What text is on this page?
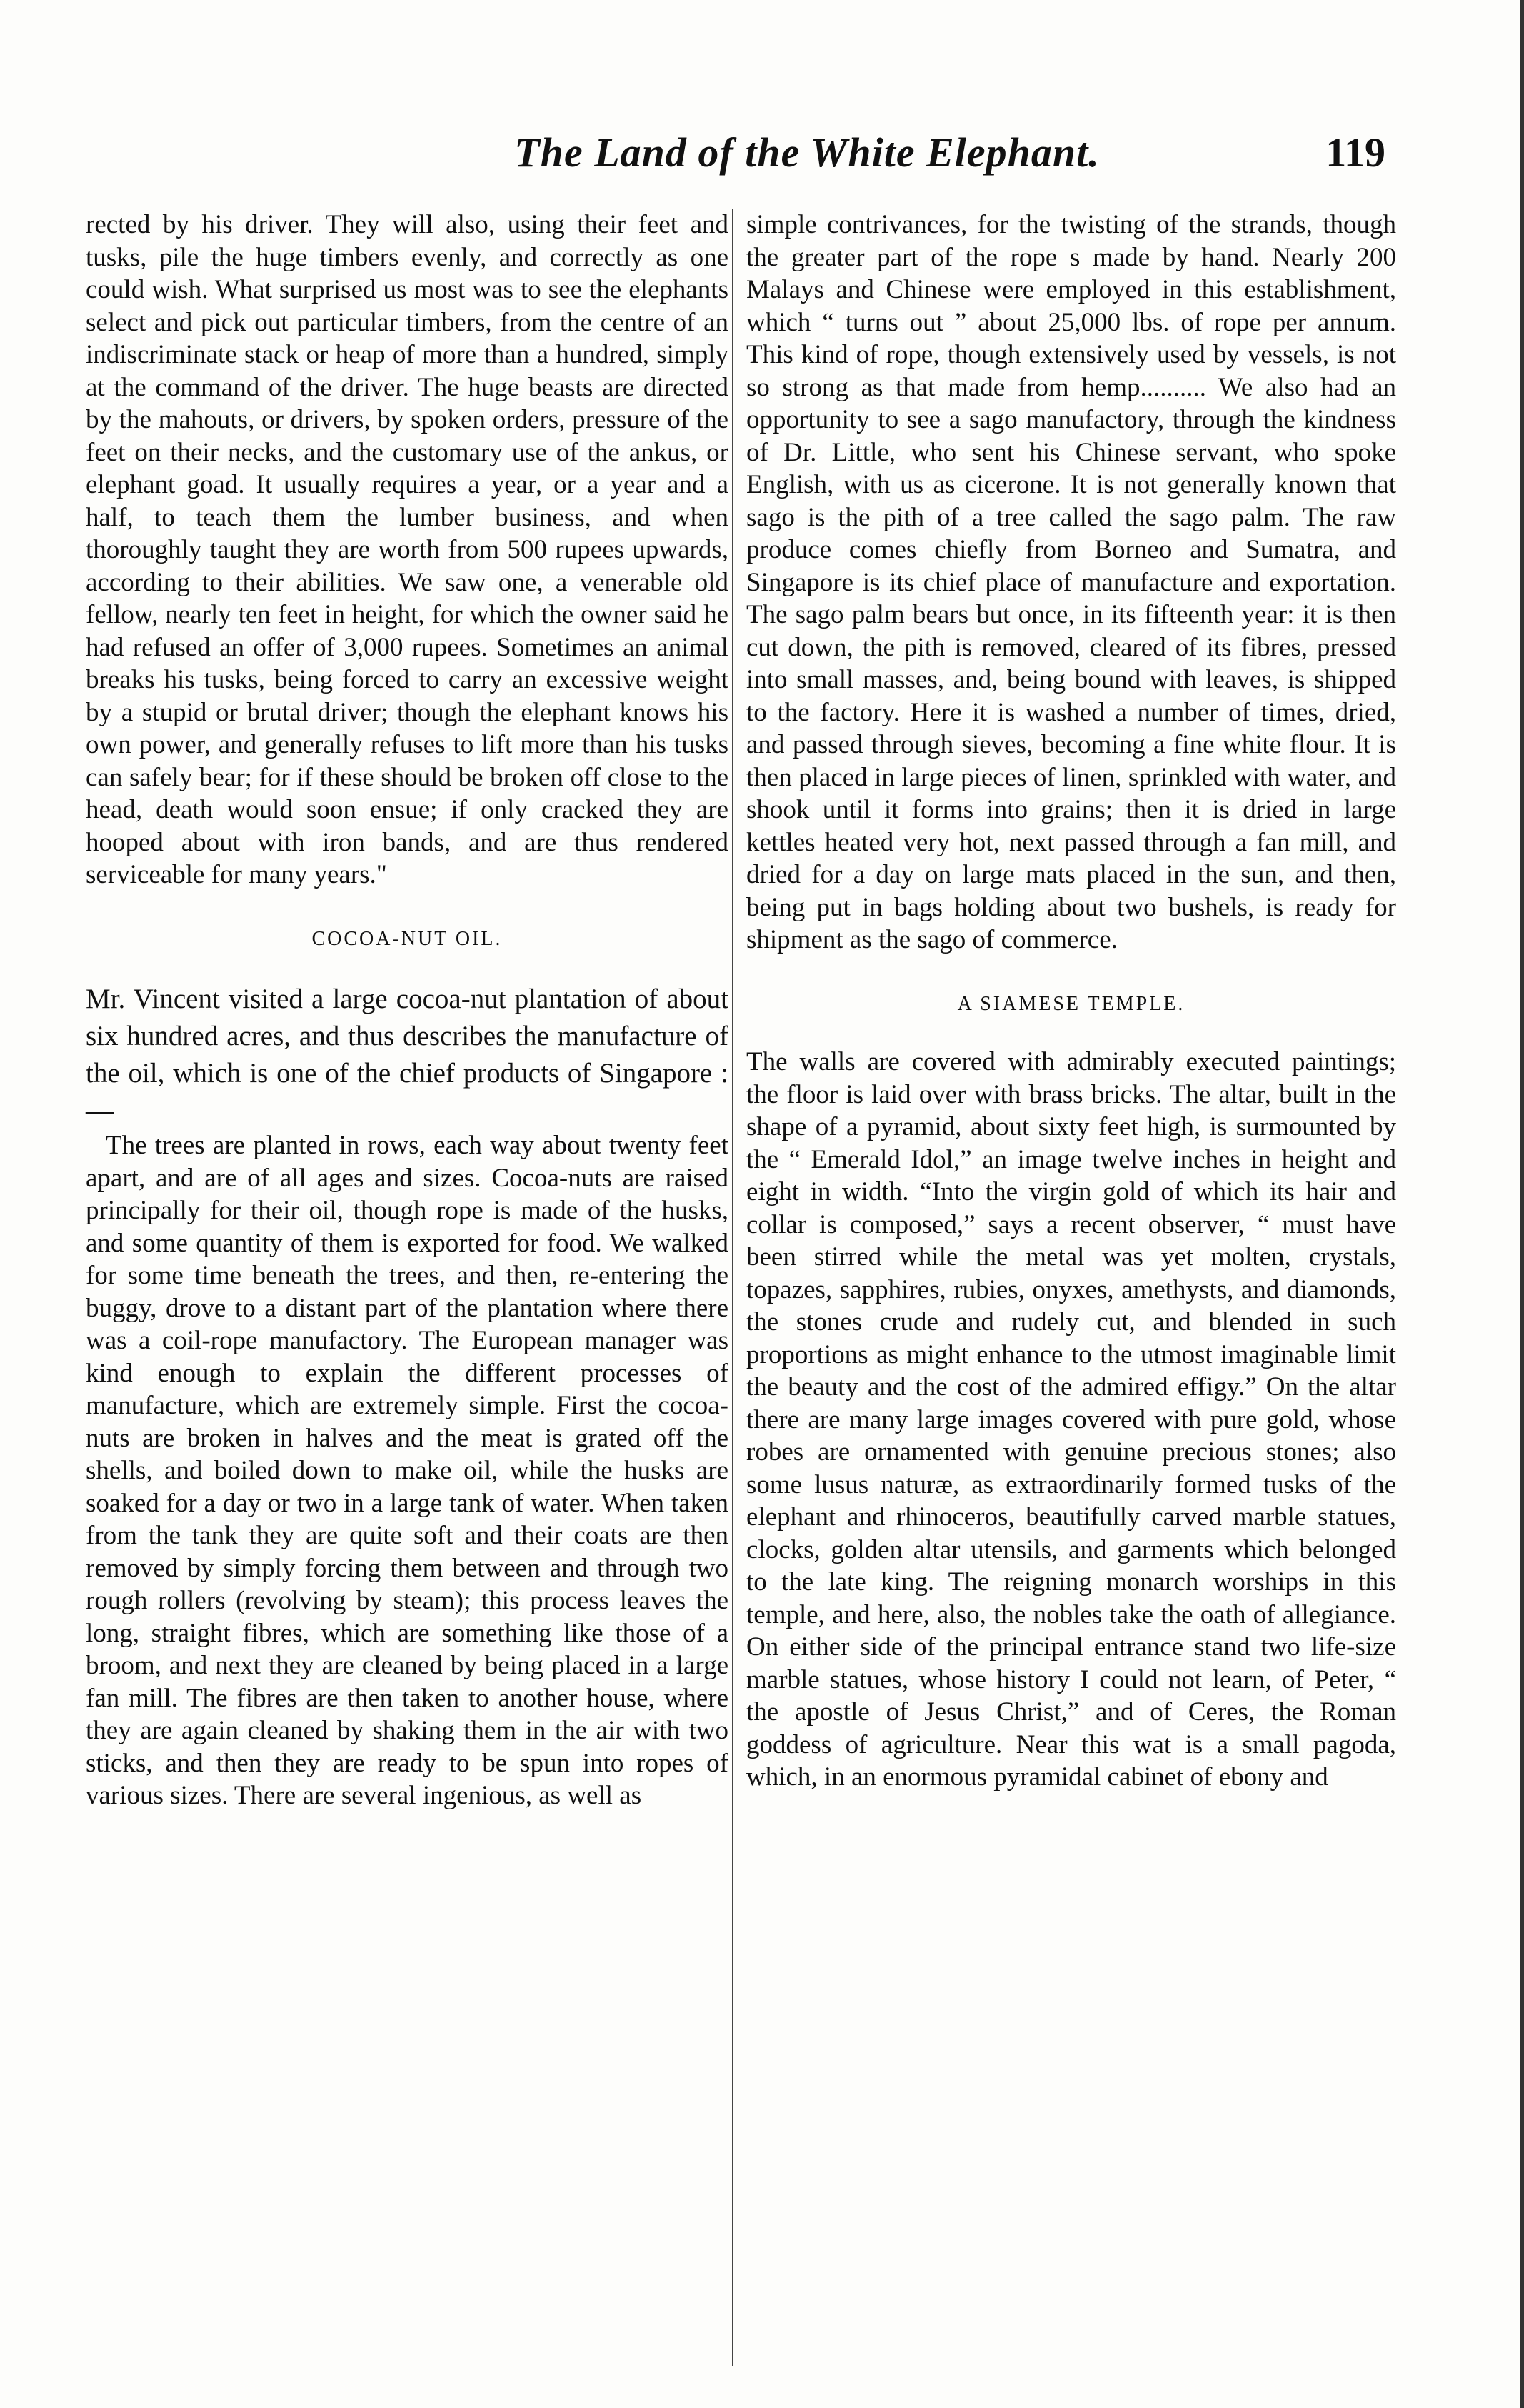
The Land of the White Elephant.	119

rected by his driver. They will also, using their feet and tusks, pile the huge timbers evenly, and correctly as one could wish. What surprised us most was to see the elephants select and pick out particular timbers, from the centre of an indiscriminate stack or heap of more than a hundred, simply at the command of the driver. The huge beasts are directed by the mahouts, or drivers, by spoken orders, pressure of the feet on their necks, and the customary use of the ankus, or elephant goad. It usually requires a year, or a year and a half, to teach them the lumber business, and when thoroughly taught they are worth from 500 rupees upwards, according to their abilities. We saw one, a venerable old fellow, nearly ten feet in height, for which the owner said he had refused an offer of 3,000 rupees. Sometimes an animal breaks his tusks, being forced to carry an excessive weight by a stupid or brutal driver; though the elephant knows his own power, and generally refuses to lift more than his tusks can safely bear; for if these should be broken off close to the head, death would soon ensue; if only cracked they are hooped about with iron bands, and are thus rendered serviceable for many years."

COCOA-NUT OIL.

Mr. Vincent visited a large cocoa-nut plantation of about six hundred acres, and thus describes the manufacture of the oil, which is one of the chief products of Singapore :—

The trees are planted in rows, each way about twenty feet apart, and are of all ages and sizes. Cocoa-nuts are raised principally for their oil, though rope is made of the husks, and some quantity of them is exported for food. We walked for some time beneath the trees, and then, re-entering the buggy, drove to a distant part of the plantation where there was a coil-rope manufactory. The European manager was kind enough to explain the different processes of manufacture, which are extremely simple. First the cocoa-nuts are broken in halves and the meat is grated off the shells, and boiled down to make oil, while the husks are soaked for a day or two in a large tank of water. When taken from the tank they are quite soft and their coats are then removed by simply forcing them between and through two rough rollers (revolving by steam); this process leaves the long, straight fibres, which are something like those of a broom, and next they are cleaned by being placed in a large fan mill. The fibres are then taken to another house, where they are again cleaned by shaking them in the air with two sticks, and then they are ready to be spun into ropes of various sizes. There are several ingenious, as well as

simple contrivances, for the twisting of the strands, though the greater part of the rope s made by hand. Nearly 200 Malays and Chinese were employed in this establishment, which “ turns out ” about 25,000 lbs. of rope per annum. This kind of rope, though extensively used by vessels, is not so strong as that made from hemp.......... We also had an opportunity to see a sago manufactory, through the kindness of Dr. Little, who sent his Chinese servant, who spoke English, with us as cicerone. It is not generally known that sago is the pith of a tree called the sago palm. The raw produce comes chiefly from Borneo and Sumatra, and Singapore is its chief place of manufacture and exportation. The sago palm bears but once, in its fifteenth year: it is then cut down, the pith is removed, cleared of its fibres, pressed into small masses, and, being bound with leaves, is shipped to the factory. Here it is washed a number of times, dried, and passed through sieves, becoming a fine white flour. It is then placed in large pieces of linen, sprinkled with water, and shook until it forms into grains; then it is dried in large kettles heated very hot, next passed through a fan mill, and dried for a day on large mats placed in the sun, and then, being put in bags holding about two bushels, is ready for shipment as the sago of commerce.

A SIAMESE TEMPLE.

The walls are covered with admirably executed paintings; the floor is laid over with brass bricks. The altar, built in the shape of a pyramid, about sixty feet high, is surmounted by the “ Emerald Idol,” an image twelve inches in height and eight in width. “Into the virgin gold of which its hair and collar is composed,” says a recent observer, “ must have been stirred while the metal was yet molten, crystals, topazes, sapphires, rubies, onyxes, amethysts, and diamonds, the stones crude and rudely cut, and blended in such proportions as might enhance to the utmost imaginable limit the beauty and the cost of the admired effigy.” On the altar there are many large images covered with pure gold, whose robes are ornamented with genuine precious stones; also some lusus naturæ, as extraordinarily formed tusks of the elephant and rhinoceros, beautifully carved marble statues, clocks, golden altar utensils, and garments which belonged to the late king. The reigning monarch worships in this temple, and here, also, the nobles take the oath of allegiance. On either side of the principal entrance stand two life-size marble statues, whose history I could not learn, of Peter, “ the apostle of Jesus Christ,” and of Ceres, the Roman goddess of agriculture. Near this wat is a small pagoda, which, in an enormous pyramidal cabinet of ebony and
